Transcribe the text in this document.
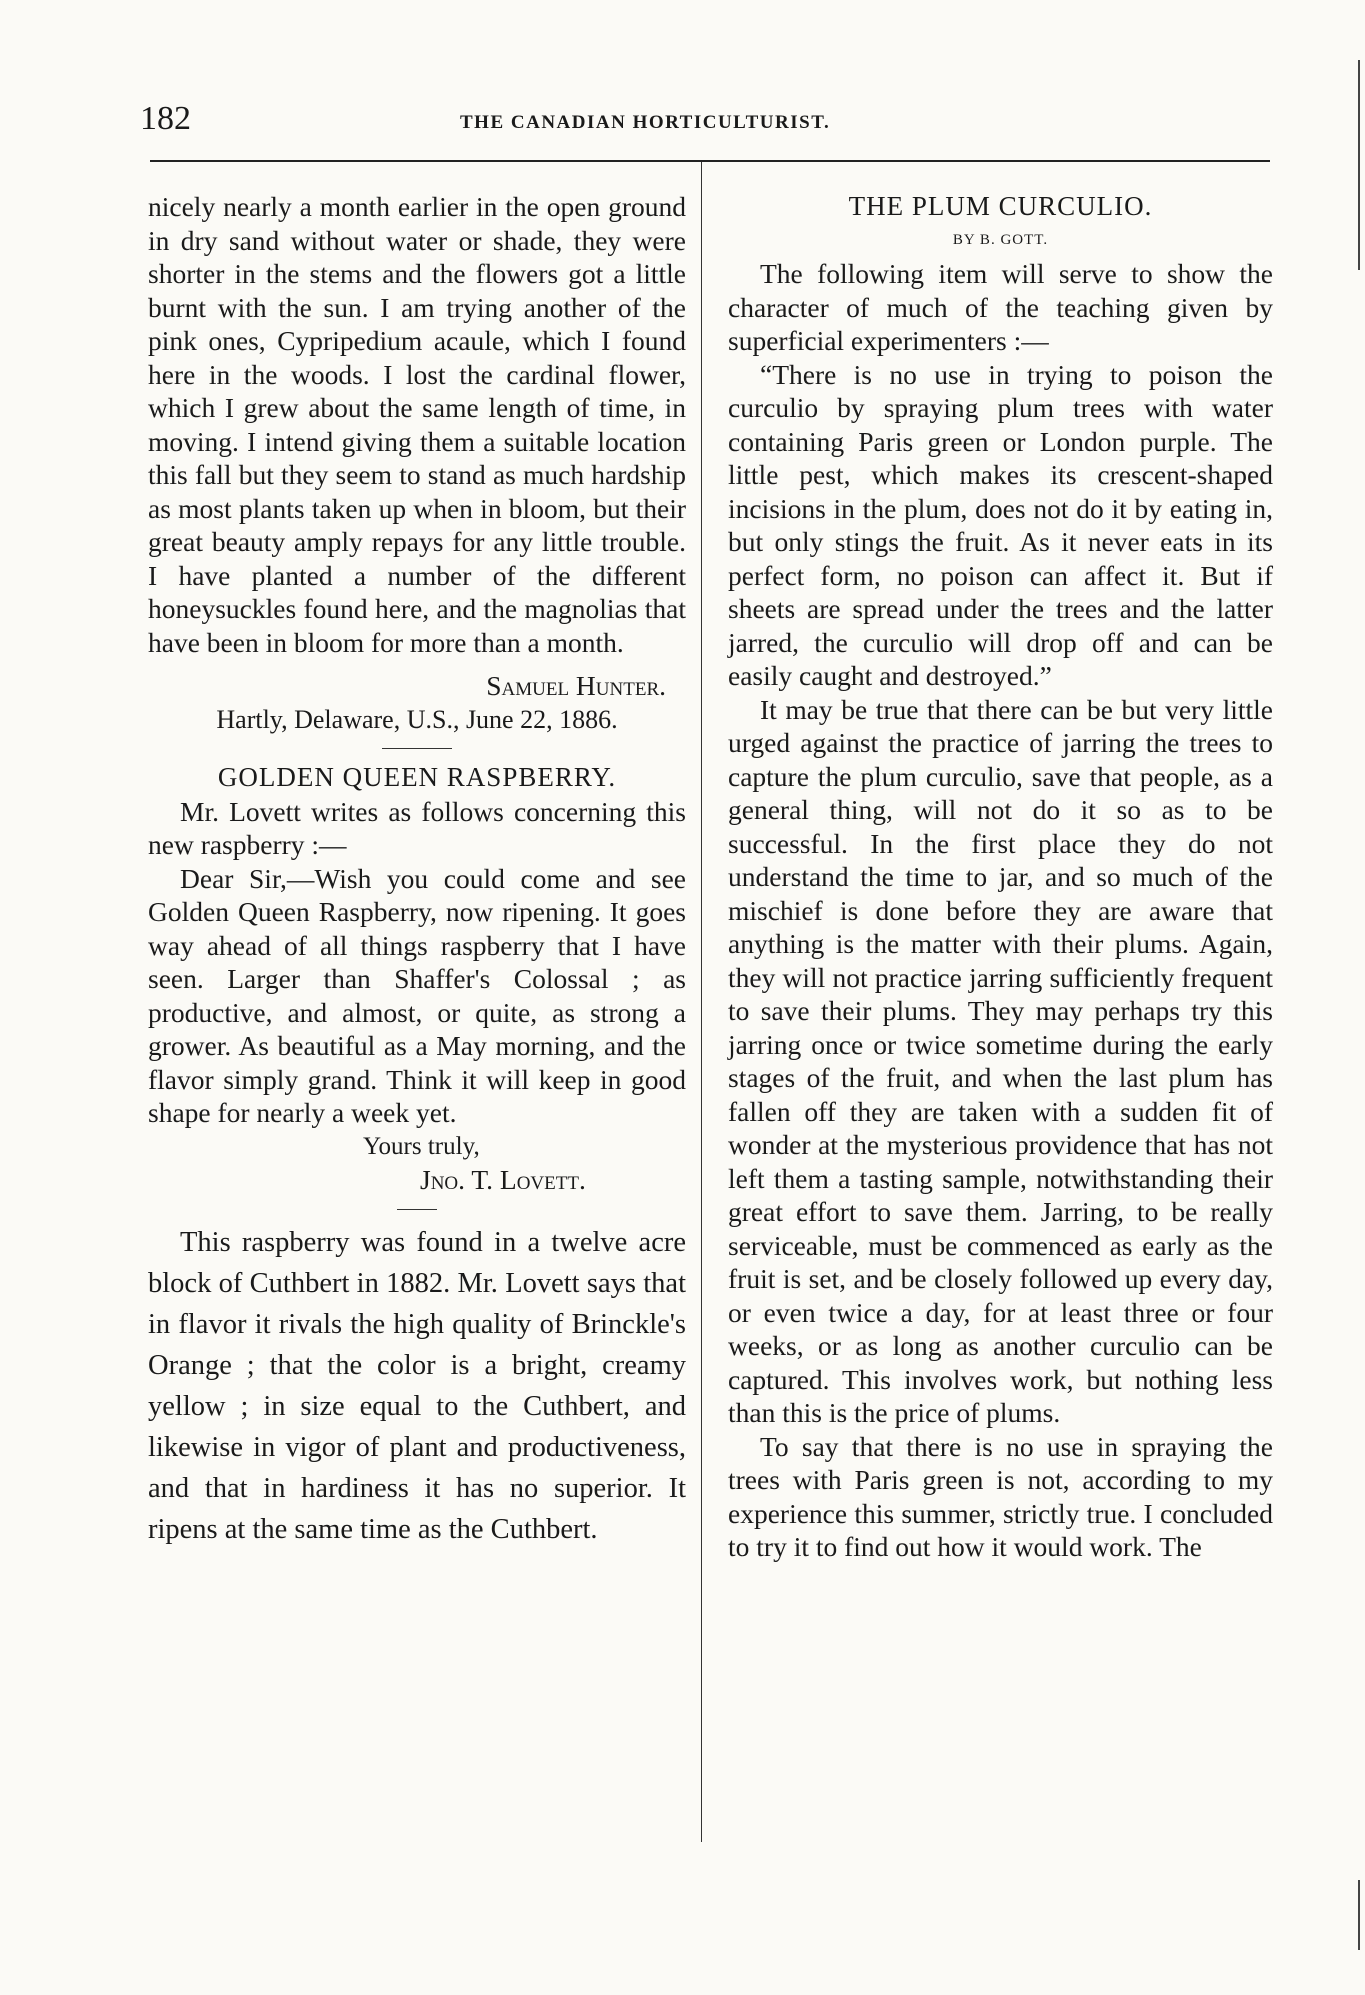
182	THE CANADIAN HORTICULTURIST.

nicely nearly a month earlier in the open ground in dry sand without water or shade, they were shorter in the stems and the flowers got a little burnt with the sun. I am trying another of the pink ones, Cypripedium acaule, which I found here in the woods. I lost the cardinal flower, which I grew about the same length of time, in moving. I intend giving them a suitable location this fall but they seem to stand as much hardship as most plants taken up when in bloom, but their great beauty amply repays for any little trouble. I have planted a number of the different honeysuckles found here, and the magnolias that have been in bloom for more than a month.

Samuel Hunter.

Hartly, Delaware, U.S., June 22, 1886.

GOLDEN QUEEN RASPBERRY.

Mr. Lovett writes as follows concerning this new raspberry :—

Dear Sir,—Wish you could come and see Golden Queen Raspberry, now ripening. It goes way ahead of all things raspberry that I have seen. Larger than Shaffer's Colossal ; as productive, and almost, or quite, as strong a grower. As beautiful as a May morning, and the flavor simply grand. Think it will keep in good shape for nearly a week yet.

Yours truly,

Jno. T. Lovett.

This raspberry was found in a twelve acre block of Cuthbert in 1882. Mr. Lovett says that in flavor it rivals the high quality of Brinckle's Orange ; that the color is a bright, creamy yellow ; in size equal to the Cuthbert, and likewise in vigor of plant and productiveness, and that in hardiness it has no superior. It ripens at the same time as the Cuthbert.

THE PLUM CURCULIO.

BY B. GOTT.

The following item will serve to show the character of much of the teaching given by superficial experimenters :—

“There is no use in trying to poison the curculio by spraying plum trees with water containing Paris green or London purple. The little pest, which makes its crescent-shaped incisions in the plum, does not do it by eating in, but only stings the fruit. As it never eats in its perfect form, no poison can affect it. But if sheets are spread under the trees and the latter jarred, the curculio will drop off and can be easily caught and destroyed.”

It may be true that there can be but very little urged against the practice of jarring the trees to capture the plum curculio, save that people, as a general thing, will not do it so as to be successful. In the first place they do not understand the time to jar, and so much of the mischief is done before they are aware that anything is the matter with their plums. Again, they will not practice jarring sufficiently frequent to save their plums. They may perhaps try this jarring once or twice sometime during the early stages of the fruit, and when the last plum has fallen off they are taken with a sudden fit of wonder at the mysterious providence that has not left them a tasting sample, notwithstanding their great effort to save them. Jarring, to be really serviceable, must be commenced as early as the fruit is set, and be closely followed up every day, or even twice a day, for at least three or four weeks, or as long as another curculio can be captured. This involves work, but nothing less than this is the price of plums.

To say that there is no use in spraying the trees with Paris green is not, according to my experience this summer, strictly true. I concluded to try it to find out how it would work. The
